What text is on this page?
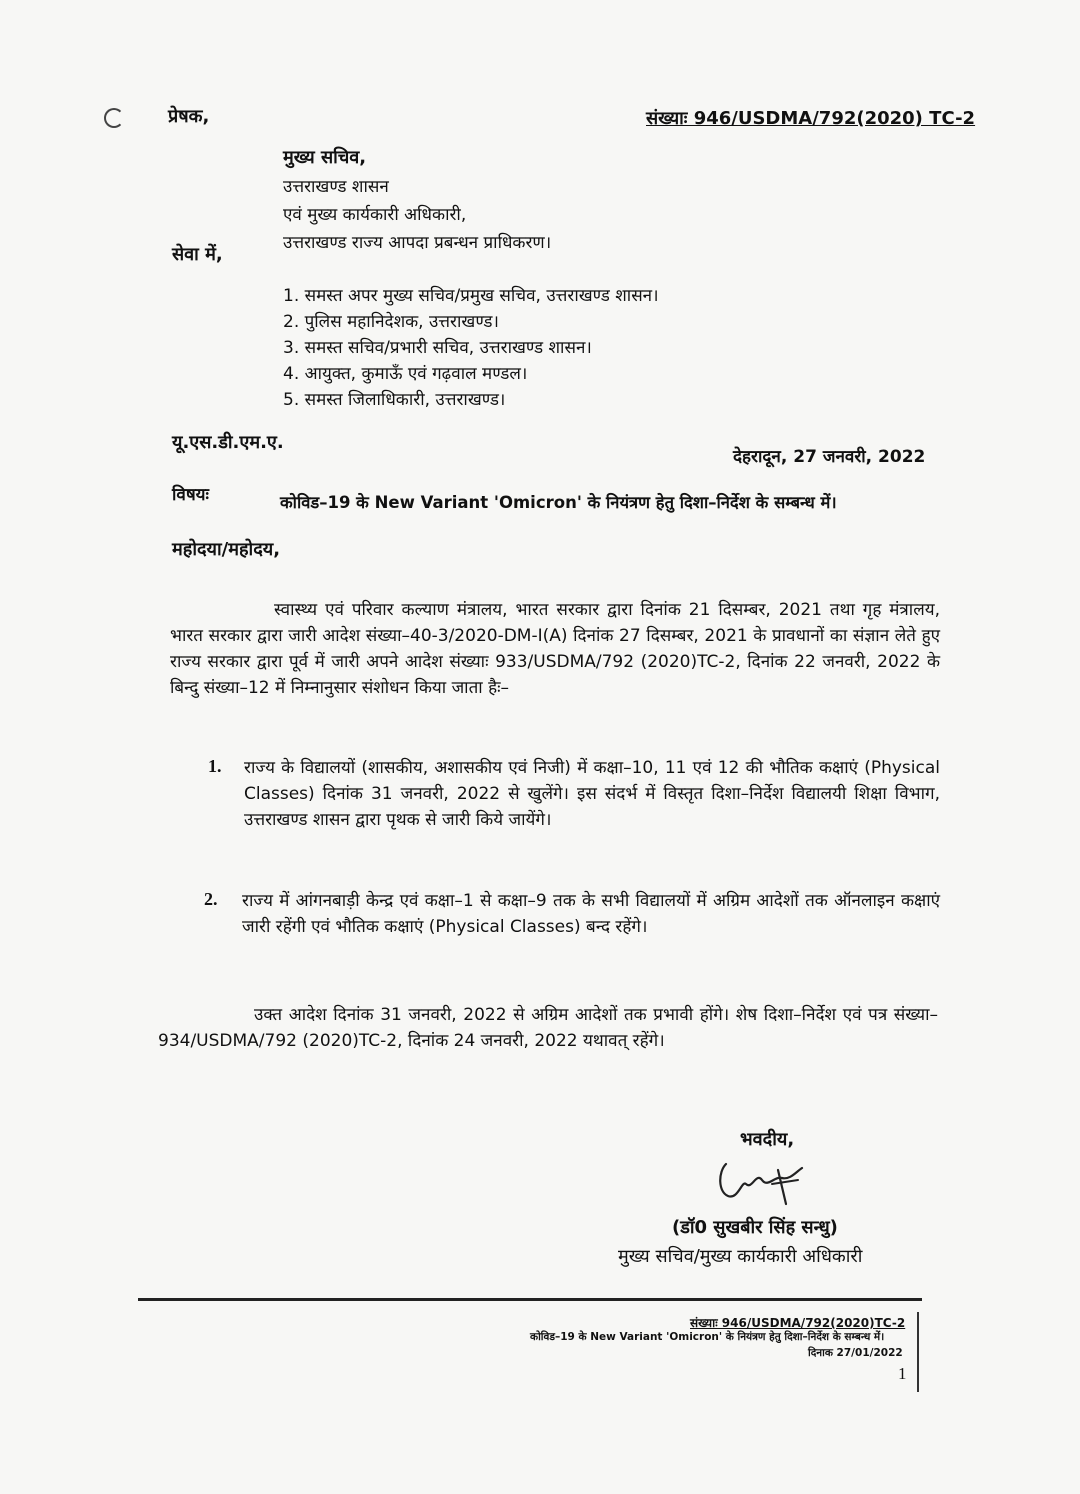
प्रेषक,	संख्याः 946/USDMA/792(2020) TC-2
मुख्य सचिव,
उत्तराखण्ड शासन
एवं मुख्य कार्यकारी अधिकारी,
उत्तराखण्ड राज्य आपदा प्रबन्धन प्राधिकरण।
सेवा में,
1. समस्त अपर मुख्य सचिव/प्रमुख सचिव, उत्तराखण्ड शासन।
2. पुलिस महानिदेशक, उत्तराखण्ड।
3. समस्त सचिव/प्रभारी सचिव, उत्तराखण्ड शासन।
4. आयुक्त, कुमाऊँ एवं गढ़वाल मण्डल।
5. समस्त जिलाधिकारी, उत्तराखण्ड।
यू.एस.डी.एम.ए.
देहरादून, 27 जनवरी, 2022
विषयः	कोविड–19 के New Variant 'Omicron' के नियंत्रण हेतु दिशा–निर्देश के सम्बन्ध में।
महोदया/महोदय,
स्वास्थ्य एवं परिवार कल्याण मंत्रालय, भारत सरकार द्वारा दिनांक 21 दिसम्बर, 2021 तथा गृह मंत्रालय, भारत सरकार द्वारा जारी आदेश संख्या–40-3/2020-DM-I(A) दिनांक 27 दिसम्बर, 2021 के प्रावधानों का संज्ञान लेते हुए राज्य सरकार द्वारा पूर्व में जारी अपने आदेश संख्याः 933/USDMA/792 (2020)TC-2, दिनांक 22 जनवरी, 2022 के बिन्दु संख्या–12 में निम्नानुसार संशोधन किया जाता हैः–
1. राज्य के विद्यालयों (शासकीय, अशासकीय एवं निजी) में कक्षा–10, 11 एवं 12 की भौतिक कक्षाएं (Physical Classes) दिनांक 31 जनवरी, 2022 से खुलेंगे। इस संदर्भ में विस्तृत दिशा–निर्देश विद्यालयी शिक्षा विभाग, उत्तराखण्ड शासन द्वारा पृथक से जारी किये जायेंगे।
2. राज्य में आंगनबाड़ी केन्द्र एवं कक्षा–1 से कक्षा–9 तक के सभी विद्यालयों में अग्रिम आदेशों तक ऑनलाइन कक्षाएं जारी रहेंगी एवं भौतिक कक्षाएं (Physical Classes) बन्द रहेंगे।
उक्त आदेश दिनांक 31 जनवरी, 2022 से अग्रिम आदेशों तक प्रभावी होंगे। शेष दिशा–निर्देश एवं पत्र संख्या–934/USDMA/792 (2020)TC-2, दिनांक 24 जनवरी, 2022 यथावत् रहेंगे।
भवदीय,
(डॉ0 सुखबीर सिंह सन्धु)
मुख्य सचिव/मुख्य कार्यकारी अधिकारी
संख्याः 946/USDMA/792(2020)TC-2
कोविड–19 के New Variant 'Omicron' के नियंत्रण हेतु दिशा–निर्देश के सम्बन्ध में।
दिनाक 27/01/2022
1
